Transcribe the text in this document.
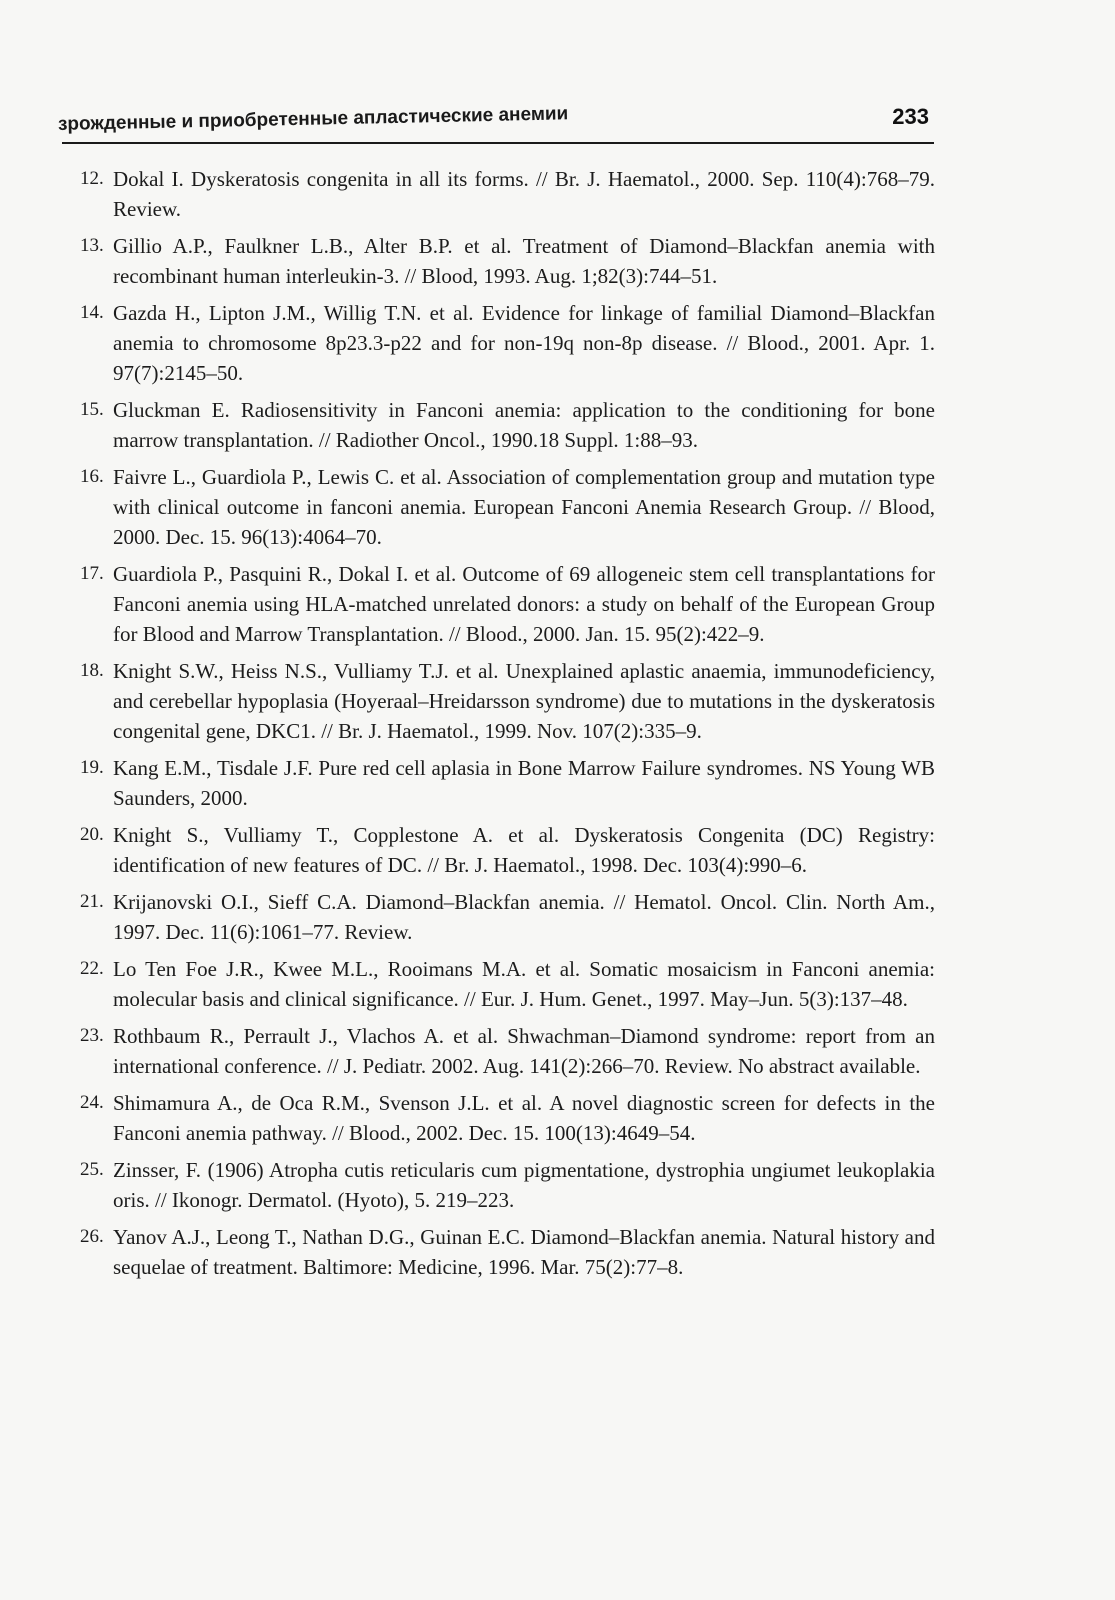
зрожденные и приобретенные апластические анемии	233
12. Dokal I. Dyskeratosis congenita in all its forms. // Br. J. Haematol., 2000. Sep. 110(4):768–79. Review.
13. Gillio A.P., Faulkner L.B., Alter B.P. et al. Treatment of Diamond–Blackfan anemia with recombinant human interleukin-3. // Blood, 1993. Aug. 1;82(3):744–51.
14. Gazda H., Lipton J.M., Willig T.N. et al. Evidence for linkage of familial Diamond–Blackfan anemia to chromosome 8p23.3-p22 and for non-19q non-8p disease. // Blood., 2001. Apr. 1. 97(7):2145–50.
15. Gluckman E. Radiosensitivity in Fanconi anemia: application to the conditioning for bone marrow transplantation. // Radiother Oncol., 1990.18 Suppl. 1:88–93.
16. Faivre L., Guardiola P., Lewis C. et al. Association of complementation group and mutation type with clinical outcome in fanconi anemia. European Fanconi Anemia Research Group. // Blood, 2000. Dec. 15. 96(13):4064–70.
17. Guardiola P., Pasquini R., Dokal I. et al. Outcome of 69 allogeneic stem cell transplantations for Fanconi anemia using HLA-matched unrelated donors: a study on behalf of the European Group for Blood and Marrow Transplantation. // Blood., 2000. Jan. 15. 95(2):422–9.
18. Knight S.W., Heiss N.S., Vulliamy T.J. et al. Unexplained aplastic anaemia, immunodeficiency, and cerebellar hypoplasia (Hoyeraal–Hreidarsson syndrome) due to mutations in the dyskeratosis congenital gene, DKC1. // Br. J. Haematol., 1999. Nov. 107(2):335–9.
19. Kang E.M., Tisdale J.F. Pure red cell aplasia in Bone Marrow Failure syndromes. NS Young WB Saunders, 2000.
20. Knight S., Vulliamy T., Copplestone A. et al. Dyskeratosis Congenita (DC) Registry: identification of new features of DC. // Br. J. Haematol., 1998. Dec. 103(4):990–6.
21. Krijanovski O.I., Sieff C.A. Diamond–Blackfan anemia. // Hematol. Oncol. Clin. North Am., 1997. Dec. 11(6):1061–77. Review.
22. Lo Ten Foe J.R., Kwee M.L., Rooimans M.A. et al. Somatic mosaicism in Fanconi anemia: molecular basis and clinical significance. // Eur. J. Hum. Genet., 1997. May–Jun. 5(3):137–48.
23. Rothbaum R., Perrault J., Vlachos A. et al. Shwachman–Diamond syndrome: report from an international conference. // J. Pediatr. 2002. Aug. 141(2):266–70. Review. No abstract available.
24. Shimamura A., de Oca R.M., Svenson J.L. et al. A novel diagnostic screen for defects in the Fanconi anemia pathway. // Blood., 2002. Dec. 15. 100(13):4649–54.
25. Zinsser, F. (1906) Atropha cutis reticularis cum pigmentatione, dystrophia ungiumet leukoplakia oris. // Ikonogr. Dermatol. (Hyoto), 5. 219–223.
26. Yanov A.J., Leong T., Nathan D.G., Guinan E.C. Diamond–Blackfan anemia. Natural history and sequelae of treatment. Baltimore: Medicine, 1996. Mar. 75(2):77–8.
